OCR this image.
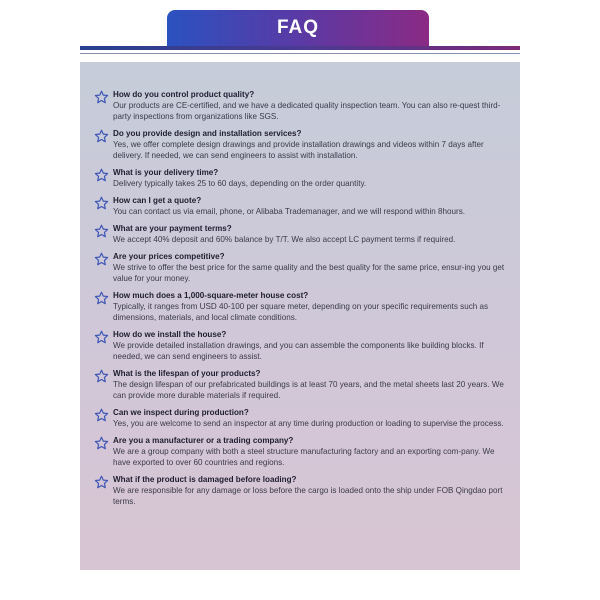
FAQ
How do you control product quality?
Our products are CE-certified, and we have a dedicated quality inspection team. You can also re-quest third-party inspections from organizations like SGS.
Do you provide design and installation services?
Yes, we offer complete design drawings and provide installation drawings and videos within 7 days after delivery. If needed, we can send engineers to assist with installation.
What is your delivery time?
Delivery typically takes 25 to 60 days, depending on the order quantity.
How can I get a quote?
You can contact us via email, phone, or Alibaba Trademanager, and we will respond within 8hours.
What are your payment terms?
We accept 40% deposit and 60% balance by T/T. We also accept LC payment terms if required.
Are your prices competitive?
We strive to offer the best price for the same quality and the best quality for the same price, ensur-ing you get value for your money.
How much does a 1,000-square-meter house cost?
Typically, it ranges from USD 40-100 per square meter, depending on your specific requirements such as dimensions, materials, and local climate conditions.
How do we install the house?
We provide detailed installation drawings, and you can assemble the components like building blocks. If needed, we can send engineers to assist.
What is the lifespan of your products?
The design lifespan of our prefabricated buildings is at least 70 years, and the metal sheets last 20 years. We can provide more durable materials if required.
Can we inspect during production?
Yes, you are welcome to send an inspector at any time during production or loading to supervise the process.
Are you a manufacturer or a trading company?
We are a group company with both a steel structure manufacturing factory and an exporting com-pany. We have exported to over 60 countries and regions.
What if the product is damaged before loading?
We are responsible for any damage or loss before the cargo is loaded onto the ship under FOB Qingdao port terms.
